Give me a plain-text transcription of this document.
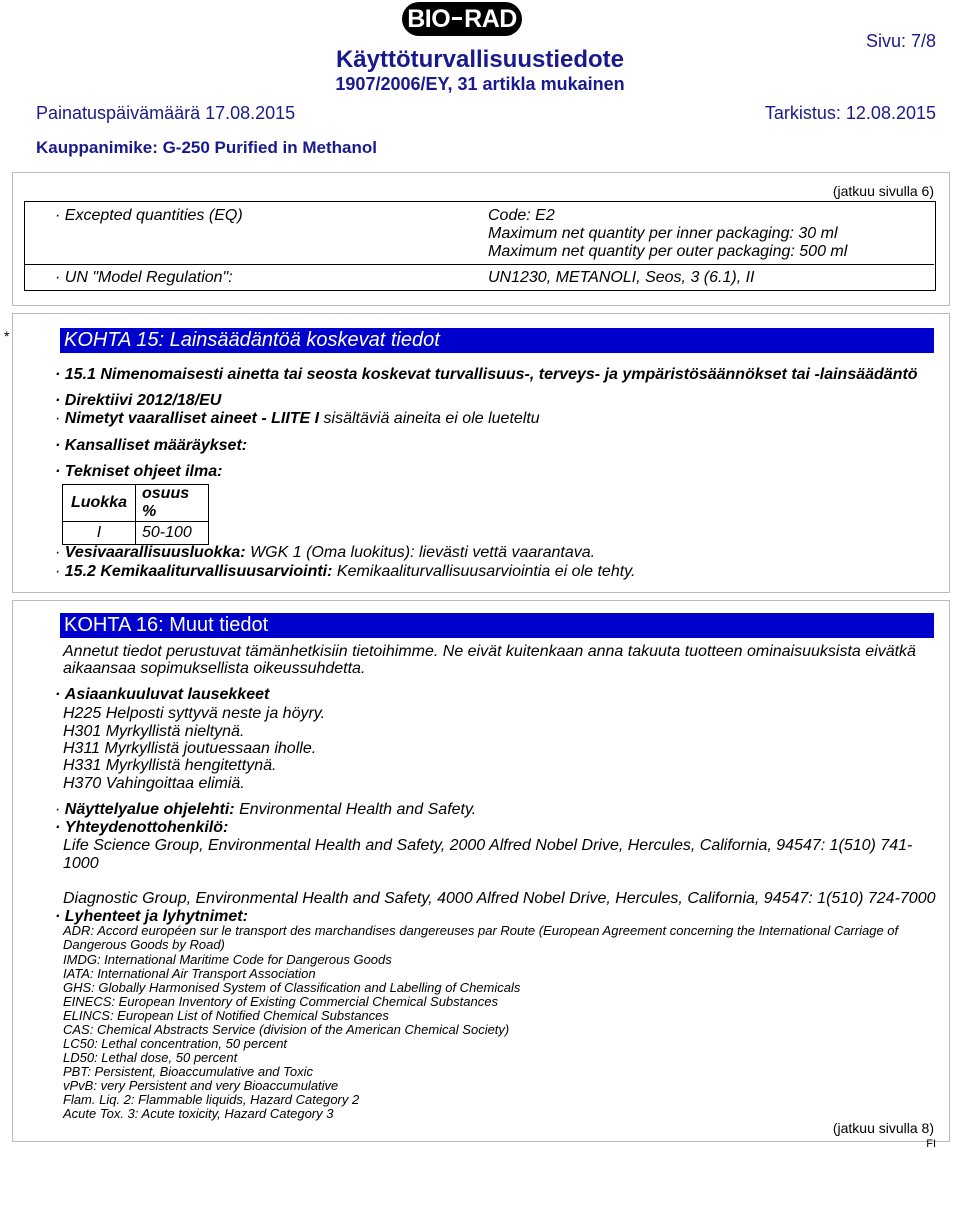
BIO RAD
Käyttöturvallisuustiedote
1907/2006/EY, 31 artikla mukainen
Sivu: 7/8
Painatuspäivämäärä 17.08.2015	Tarkistus: 12.08.2015
Kauppanimike: G-250 Purified in Methanol
(jatkuu sivulla 6)
· Excepted quantities (EQ)	Code: E2
Maximum net quantity per inner packaging: 30 ml
Maximum net quantity per outer packaging: 500 ml
· UN "Model Regulation":	UN1230, METANOLI, Seos, 3 (6.1), II
*	KOHTA 15: Lainsäädäntöä koskevat tiedot
· 15.1 Nimenomaisesti ainetta tai seosta koskevat turvallisuus-, terveys- ja ympäristösäännökset tai -lainsäädäntö
· Direktiivi 2012/18/EU
· Nimetyt vaaralliset aineet - LIITE I sisältäviä aineita ei ole lueteltu
· Kansalliset määräykset:
· Tekniset ohjeet ilma:
Luokka	osuus %
I	50-100
· Vesivaarallisuusluokka: WGK 1 (Oma luokitus): lievästi vettä vaarantava.
· 15.2 Kemikaaliturvallisuusarviointi: Kemikaaliturvallisuusarviointia ei ole tehty.
KOHTA 16: Muut tiedot
Annetut tiedot perustuvat tämänhetkisiin tietoihimme. Ne eivät kuitenkaan anna takuuta tuotteen ominaisuuksista eivätkä
aikaansaa sopimuksellista oikeussuhdetta.
· Asiaankuuluvat lausekkeet
H225 Helposti syttyvä neste ja höyry.
H301 Myrkyllistä nieltynä.
H311 Myrkyllistä joutuessaan iholle.
H331 Myrkyllistä hengitettynä.
H370 Vahingoittaa elimiä.
· Näyttelyalue ohjelehti: Environmental Health and Safety.
· Yhteydenottohenkilö:
Life Science Group, Environmental Health and Safety, 2000 Alfred Nobel Drive, Hercules, California, 94547: 1(510) 741-
1000
Diagnostic Group, Environmental Health and Safety, 4000 Alfred Nobel Drive, Hercules, California, 94547: 1(510) 724-7000
· Lyhenteet ja lyhytnimet:
ADR: Accord européen sur le transport des marchandises dangereuses par Route (European Agreement concerning the International Carriage of
Dangerous Goods by Road)
IMDG: International Maritime Code for Dangerous Goods
IATA: International Air Transport Association
GHS: Globally Harmonised System of Classification and Labelling of Chemicals
EINECS: European Inventory of Existing Commercial Chemical Substances
ELINCS: European List of Notified Chemical Substances
CAS: Chemical Abstracts Service (division of the American Chemical Society)
LC50: Lethal concentration, 50 percent
LD50: Lethal dose, 50 percent
PBT: Persistent, Bioaccumulative and Toxic
vPvB: very Persistent and very Bioaccumulative
Flam. Liq. 2: Flammable liquids, Hazard Category 2
Acute Tox. 3: Acute toxicity, Hazard Category 3
(jatkuu sivulla 8)
FI
